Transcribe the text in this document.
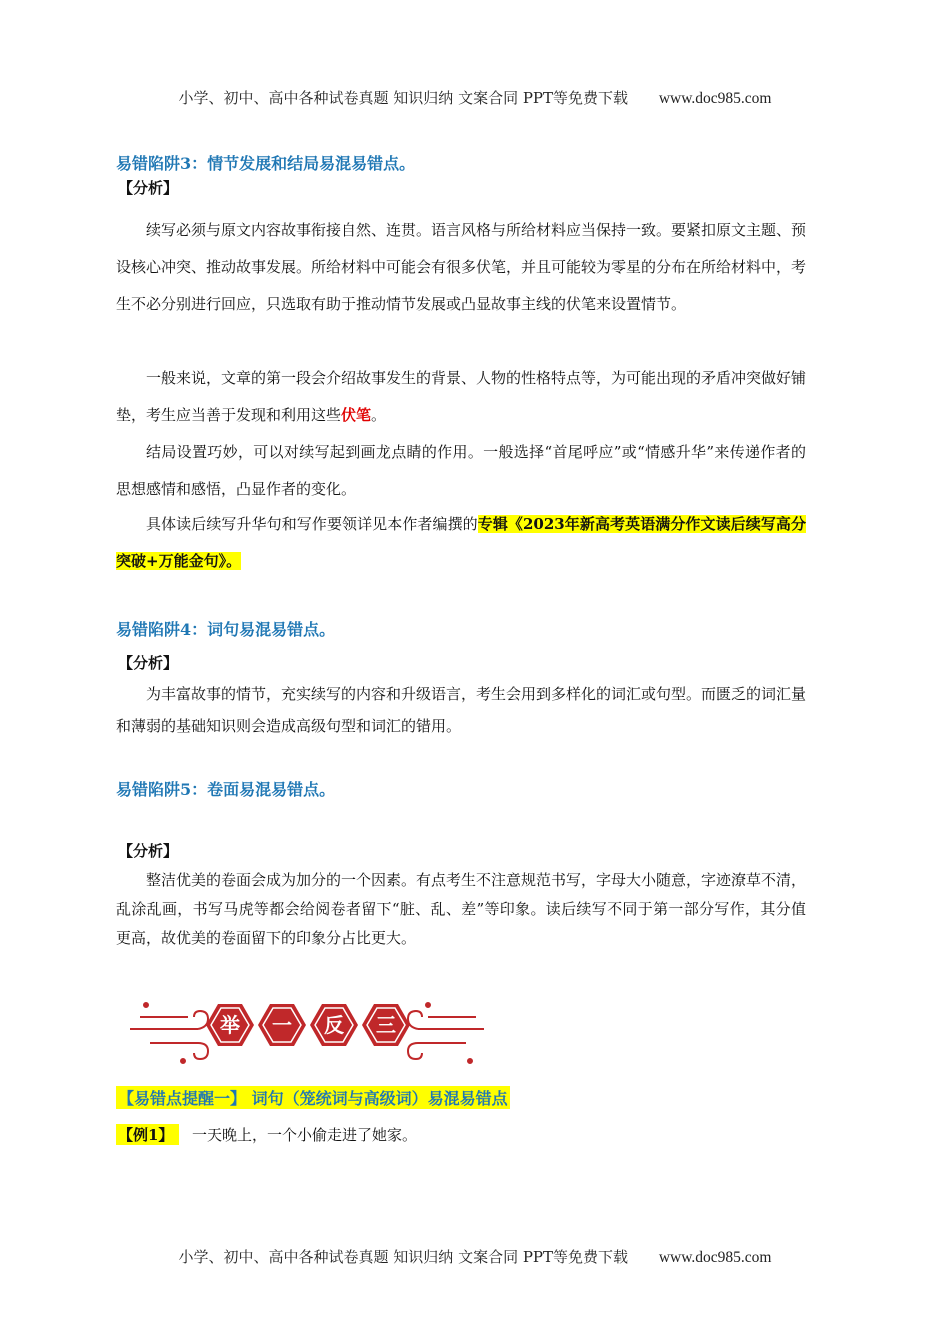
小学、初中、高中各种试卷真题 知识归纳 文案合同 PPT等免费下载 www.doc985.com
易错陷阱3：情节发展和结局易混易错点。
【分析】

续写必须与原文内容故事衔接自然、连贯。语言风格与所给材料应当保持一致。要紧扣原文主题、预设核心冲突、推动故事发展。所给材料中可能会有很多伏笔，并且可能较为零星的分布在所给材料中，考生不必分别进行回应，只选取有助于推动情节发展或凸显故事主线的伏笔来设置情节。

一般来说，文章的第一段会介绍故事发生的背景、人物的性格特点等，为可能出现的矛盾冲突做好铺垫，考生应当善于发现和利用这些伏笔。

结局设置巧妙，可以对续写起到画龙点睛的作用。一般选择“首尾呼应”或“情感升华”来传递作者的思想感情和感悟，凸显作者的变化。

具体读后续写升华句和写作要领详见本作者编撰的专辑《2023年新高考英语满分作文读后续写高分突破+万能金句》。

易错陷阱4：词句易混易错点。
【分析】

为丰富故事的情节，充实续写的内容和升级语言，考生会用到多样化的词汇或句型。而匮乏的词汇量和薄弱的基础知识则会造成高级句型和词汇的错用。

易错陷阱5：卷面易混易错点。
【分析】

整洁优美的卷面会成为加分的一个因素。有点考生不注意规范书写，字母大小随意，字迹潦草不清，乱涂乱画，书写马虎等都会给阅卷者留下“脏、乱、差”等印象。读后续写不同于第一部分写作，其分值更高，故优美的卷面留下的印象分占比更大。

举 一 反 三
【易错点提醒一】 词句（笼统词与高级词）易混易错点
【例1】	一天晚上，一个小偷走进了她家。
小学、初中、高中各种试卷真题 知识归纳 文案合同 PPT等免费下载 www.doc985.com
